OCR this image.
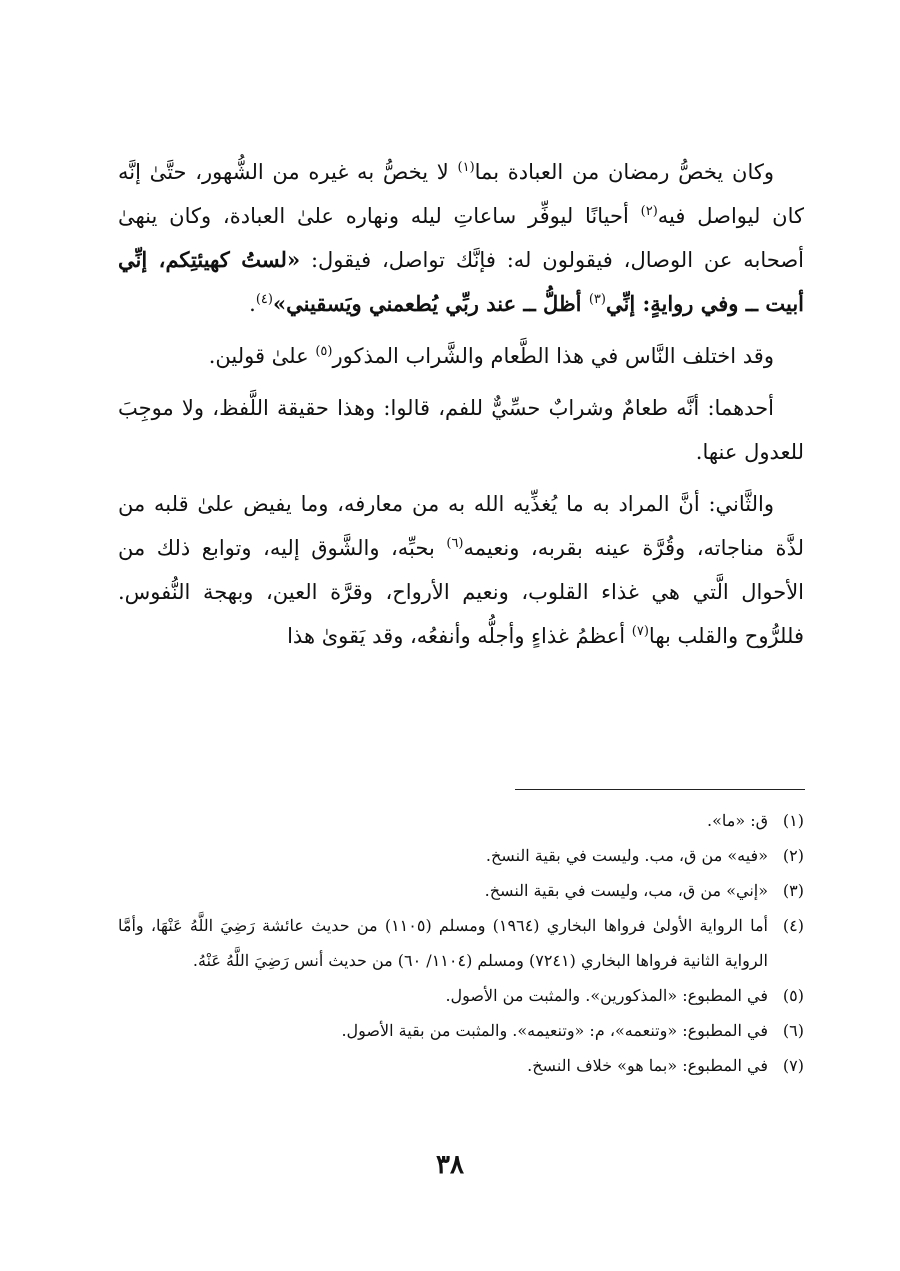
وكان يخصُّ رمضان من العبادة بما$^{(١)}$ لا يخصُّ به غيره من الشُّهور، حتَّىٰ إنَّه كان ليواصل فيه$^{(٢)}$ أحيانًا ليوفِّر ساعاتِ ليله ونهاره علىٰ العبادة، وكان ينهىٰ أصحابه عن الوصال، فيقولون له: فإنَّك تواصل، فيقول: «لستُ كهيئتِكم، إنِّي أبيت ــ وفي روايةٍ: إنِّي$^{(٣)}$ أظلُّ ــ عند ربِّي يُطعمني ويَسقيني»$^{(٤)}$.

وقد اختلف النَّاس في هذا الطَّعام والشَّراب المذكور$^{(٥)}$ علىٰ قولين.

أحدهما: أنَّه طعامٌ وشرابٌ حسِّيٌّ للفم، قالوا: وهذا حقيقة اللَّفظ، ولا موجِبَ للعدول عنها.

والثَّاني: أنَّ المراد به ما يُغذِّيه الله به من معارفه، وما يفيض علىٰ قلبه من لذَّة مناجاته، وقُرَّة عينه بقربه، ونعيمه$^{(٦)}$ بحبِّه، والشَّوق إليه، وتوابع ذلك من الأحوال الَّتي هي غذاء القلوب، ونعيم الأرواح، وقرَّة العين، وبهجة النُّفوس. فللرُّوح والقلب بها$^{(٧)}$ أعظمُ غذاءٍ وأجلُّه وأنفعُه، وقد يَقوىٰ هذا

(١)
ق: «ما».
(٢)
«فيه» من ق، مب. وليست في بقية النسخ.
(٣)
«إني» من ق، مب، وليست في بقية النسخ.
(٤)
أما الرواية الأولىٰ فرواها البخاري (١٩٦٤) ومسلم (١١٠٥) من حديث عائشة رَضِيَ اللَّهُ عَنْهَا، وأمَّا الرواية الثانية فرواها البخاري (٧٢٤١) ومسلم (١١٠٤/ ٦٠) من حديث أنس رَضِيَ اللَّهُ عَنْهُ.
(٥)
في المطبوع: «المذكورين». والمثبت من الأصول.
(٦)
في المطبوع: «وتنعمه»، م: «وتنعيمه». والمثبت من بقية الأصول.
(٧)
في المطبوع: «بما هو» خلاف النسخ.
٣٨
